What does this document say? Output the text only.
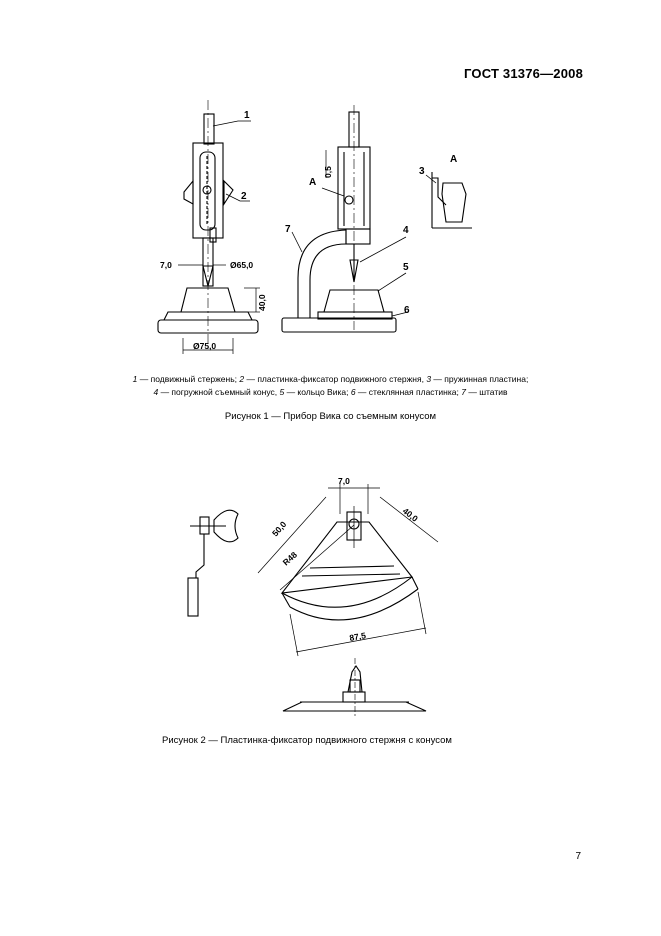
ГОСТ 31376—2008
1
2
3
4
5
6
7
А
А
7,0	Ø65,0
40,0
Ø75,0
0,5
7,0
50,0
40,0
R48
87,5
1 — подвижный стержень; 2 — пластинка-фиксатор подвижного стержня, 3 — пружинная пластина;
4 — погружной съемный конус, 5 — кольцо Вика; 6 — стеклянная пластинка; 7 — штатив
Рисунок 1 — Прибор Вика со съемным конусом
Рисунок 2 — Пластинка-фиксатор подвижного стержня с конусом
7
